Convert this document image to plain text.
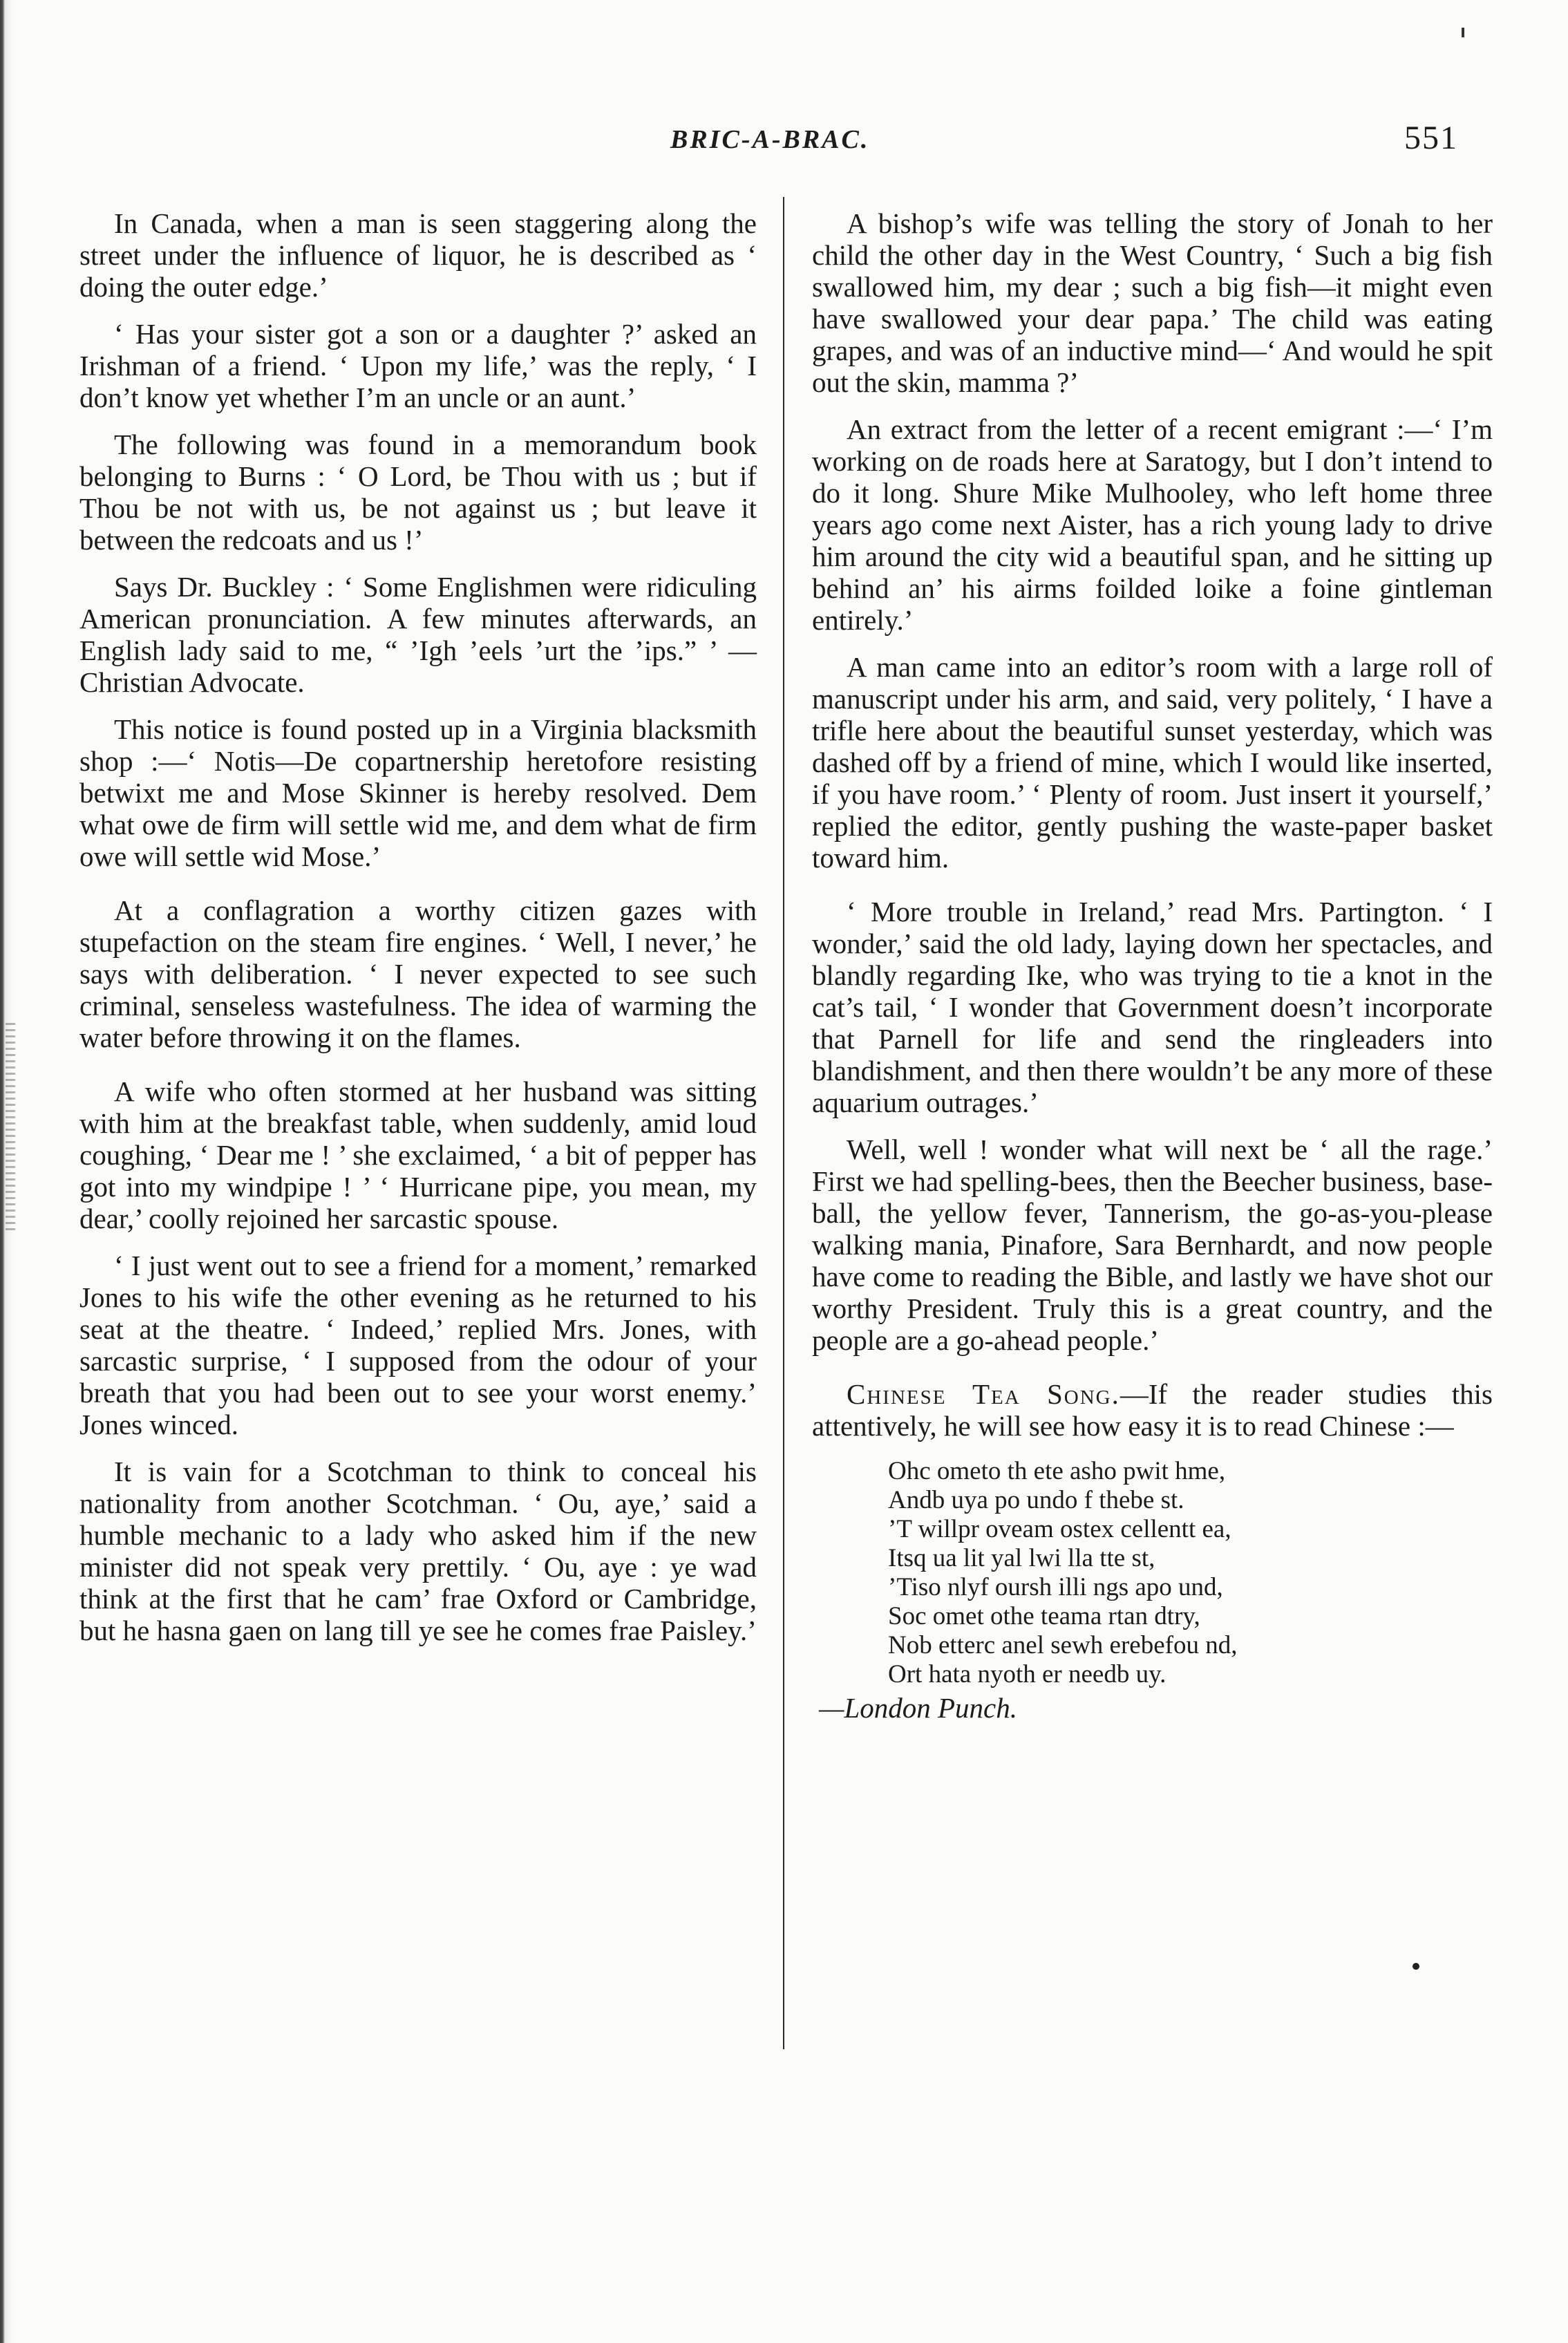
BRIC-A-BRAC.	551

In Canada, when a man is seen staggering along the street under the influence of liquor, he is described as ‘ doing the outer edge.’

‘ Has your sister got a son or a daughter ?’ asked an Irishman of a friend. ‘ Upon my life,’ was the reply, ‘ I don’t know yet whether I’m an uncle or an aunt.’

The following was found in a memorandum book belonging to Burns : ‘ O Lord, be Thou with us ; but if Thou be not with us, be not against us ; but leave it between the redcoats and us !’

Says Dr. Buckley : ‘ Some Englishmen were ridiculing American pronunciation. A few minutes afterwards, an English lady said to me, “ ’Igh ’eels ’urt the ’ips.” ’ —Christian Advocate.

This notice is found posted up in a Virginia blacksmith shop :—‘ Notis—De copartnership heretofore resisting betwixt me and Mose Skinner is hereby resolved. Dem what owe de firm will settle wid me, and dem what de firm owe will settle wid Mose.’

At a conflagration a worthy citizen gazes with stupefaction on the steam fire engines. ‘ Well, I never,’ he says with deliberation. ‘ I never expected to see such criminal, senseless wastefulness. The idea of warming the water before throwing it on the flames.

A wife who often stormed at her husband was sitting with him at the breakfast table, when suddenly, amid loud coughing, ‘ Dear me ! ’ she exclaimed, ‘ a bit of pepper has got into my windpipe ! ’ ‘ Hurricane pipe, you mean, my dear,’ coolly rejoined her sarcastic spouse.

‘ I just went out to see a friend for a moment,’ remarked Jones to his wife the other evening as he returned to his seat at the theatre. ‘ Indeed,’ replied Mrs. Jones, with sarcastic surprise, ‘ I supposed from the odour of your breath that you had been out to see your worst enemy.’ Jones winced.

It is vain for a Scotchman to think to conceal his nationality from another Scotchman. ‘ Ou, aye,’ said a humble mechanic to a lady who asked him if the new minister did not speak very prettily. ‘ Ou, aye : ye wad think at the first that he cam’ frae Oxford or Cambridge, but he hasna gaen on lang till ye see he comes frae Paisley.’

A bishop’s wife was telling the story of Jonah to her child the other day in the West Country, ‘ Such a big fish swallowed him, my dear ; such a big fish—it might even have swallowed your dear papa.’ The child was eating grapes, and was of an inductive mind—‘ And would he spit out the skin, mamma ?’

An extract from the letter of a recent emigrant :—‘ I’m working on de roads here at Saratogy, but I don’t intend to do it long. Shure Mike Mulhooley, who left home three years ago come next Aister, has a rich young lady to drive him around the city wid a beautiful span, and he sitting up behind an’ his airms foilded loike a foine gintleman entirely.’

A man came into an editor’s room with a large roll of manuscript under his arm, and said, very politely, ‘ I have a trifle here about the beautiful sunset yesterday, which was dashed off by a friend of mine, which I would like inserted, if you have room.’ ‘ Plenty of room. Just insert it yourself,’ replied the editor, gently pushing the waste-paper basket toward him.

‘ More trouble in Ireland,’ read Mrs. Partington. ‘ I wonder,’ said the old lady, laying down her spectacles, and blandly regarding Ike, who was trying to tie a knot in the cat’s tail, ‘ I wonder that Government doesn’t incorporate that Parnell for life and send the ringleaders into blandishment, and then there wouldn’t be any more of these aquarium outrages.’

Well, well ! wonder what will next be ‘ all the rage.’ First we had spelling-bees, then the Beecher business, base-ball, the yellow fever, Tannerism, the go-as-you-please walking mania, Pinafore, Sara Bernhardt, and now people have come to reading the Bible, and lastly we have shot our worthy President. Truly this is a great country, and the people are a go-ahead people.’

Chinese Tea Song.—If the reader studies this attentively, he will see how easy it is to read Chinese :—

Ohc ometo th ete asho pwit hme,
Andb uya po undo f thebe st.
’T willpr oveam ostex cellentt ea,
Itsq ua lit yal lwi lla tte st,
’Tiso nlyf oursh illi ngs apo und,
Soc omet othe teama rtan dtry,
Nob etterc anel sewh erebefou nd,
Ort hata nyoth er needb uy.
—London Punch.
